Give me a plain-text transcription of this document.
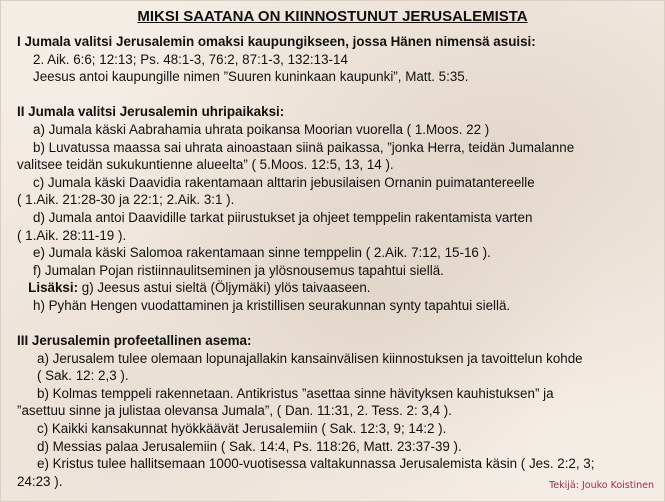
MIKSI SAATANA ON KIINNOSTUNUT JERUSALEMISTA
I Jumala valitsi Jerusalemin omaksi kaupungikseen, jossa Hänen nimensä asuisi:
2. Aik. 6:6; 12:13; Ps. 48:1-3, 76:2, 87:1-3, 132:13-14
Jeesus antoi kaupungille nimen ”Suuren kuninkaan kaupunki”, Matt. 5:35.
II Jumala valitsi Jerusalemin uhripaikaksi:
a) Jumala käski Aabrahamia uhrata poikansa Moorian vuorella ( 1.Moos. 22 )
b) Luvatussa maassa sai uhrata ainoastaan siinä paikassa, ”jonka Herra, teidän Jumalanne
valitsee teidän sukukuntienne alueelta” ( 5.Moos. 12:5, 13, 14 ).
c) Jumala käski Daavidia rakentamaan alttarin jebusilaisen Ornanin puimatantereelle
( 1.Aik. 21:28-30 ja 22:1; 2.Aik. 3:1 ).
d) Jumala antoi Daavidille tarkat piirustukset ja ohjeet temppelin rakentamista varten
( 1.Aik. 28:11-19 ).
e) Jumala käski Salomoa rakentamaan sinne temppelin ( 2.Aik. 7:12, 15-16 ).
f) Jumalan Pojan ristiinnaulitseminen ja ylösnousemus tapahtui siellä.
Lisäksi: g) Jeesus astui sieltä (Öljymäki) ylös taivaaseen.
h) Pyhän Hengen vuodattaminen ja kristillisen seurakunnan synty tapahtui siellä.
III Jerusalemin profeetallinen asema:
a) Jerusalem tulee olemaan lopunajallakin kansainvälisen kiinnostuksen ja tavoittelun kohde
( Sak. 12: 2,3 ).
b) Kolmas temppeli rakennetaan. Antikristus ”asettaa sinne hävityksen kauhistuksen” ja
”asettuu sinne ja julistaa olevansa Jumala”, ( Dan. 11:31, 2. Tess. 2: 3,4 ).
c) Kaikki kansakunnat hyökkäävät Jerusalemiin ( Sak. 12:3, 9; 14:2 ).
d) Messias palaa Jerusalemiin ( Sak. 14:4, Ps. 118:26, Matt. 23:37-39 ).
e) Kristus tulee hallitsemaan 1000-vuotisessa valtakunnassa Jerusalemista käsin ( Jes. 2:2, 3;
24:23 ).	Tekijä: Jouko Koistinen
